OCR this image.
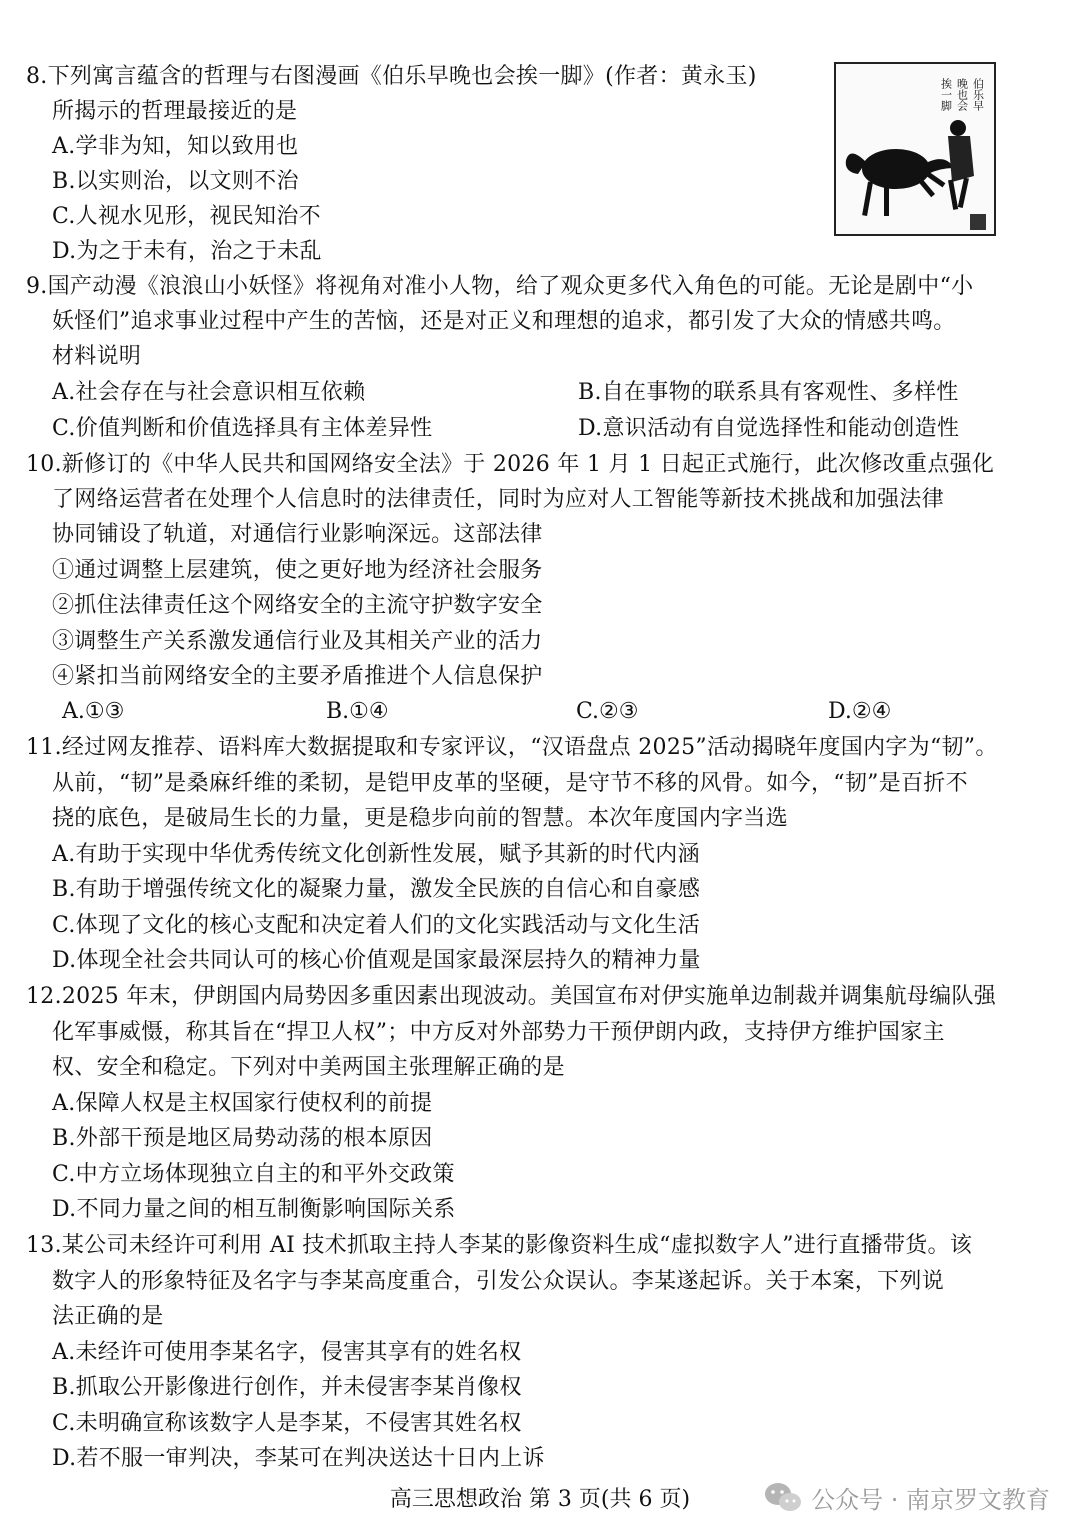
8.下列寓言蕴含的哲理与右图漫画《伯乐早晚也会挨一脚》(作者：黄永玉)
所揭示的哲理最接近的是
A.学非为知，知以致用也
B.以实则治，以文则不治
C.人视水见形，视民知治不
D.为之于未有，治之于未乱
伯乐早
晚也会
挨一脚
9.国产动漫《浪浪山小妖怪》将视角对准小人物，给了观众更多代入角色的可能。无论是剧中“小
妖怪们”追求事业过程中产生的苦恼，还是对正义和理想的追求，都引发了大众的情感共鸣。
材料说明
A.社会存在与社会意识相互依赖	B.自在事物的联系具有客观性、多样性
C.价值判断和价值选择具有主体差异性	D.意识活动有自觉选择性和能动创造性
10.新修订的《中华人民共和国网络安全法》于 2026 年 1 月 1 日起正式施行，此次修改重点强化
了网络运营者在处理个人信息时的法律责任，同时为应对人工智能等新技术挑战和加强法律
协同铺设了轨道，对通信行业影响深远。这部法律
①通过调整上层建筑，使之更好地为经济社会服务
②抓住法律责任这个网络安全的主流守护数字安全
③调整生产关系激发通信行业及其相关产业的活力
④紧扣当前网络安全的主要矛盾推进个人信息保护
A.①③	B.①④	C.②③	D.②④
11.经过网友推荐、语料库大数据提取和专家评议，“汉语盘点 2025”活动揭晓年度国内字为“韧”。
从前，“韧”是桑麻纤维的柔韧，是铠甲皮革的坚硬，是守节不移的风骨。如今，“韧”是百折不
挠的底色，是破局生长的力量，更是稳步向前的智慧。本次年度国内字当选
A.有助于实现中华优秀传统文化创新性发展，赋予其新的时代内涵
B.有助于增强传统文化的凝聚力量，激发全民族的自信心和自豪感
C.体现了文化的核心支配和决定着人们的文化实践活动与文化生活
D.体现全社会共同认可的核心价值观是国家最深层持久的精神力量
12.2025 年末，伊朗国内局势因多重因素出现波动。美国宣布对伊实施单边制裁并调集航母编队强
化军事威慑，称其旨在“捍卫人权”；中方反对外部势力干预伊朗内政，支持伊方维护国家主
权、安全和稳定。下列对中美两国主张理解正确的是
A.保障人权是主权国家行使权利的前提
B.外部干预是地区局势动荡的根本原因
C.中方立场体现独立自主的和平外交政策
D.不同力量之间的相互制衡影响国际关系
13.某公司未经许可利用 AI 技术抓取主持人李某的影像资料生成“虚拟数字人”进行直播带货。该
数字人的形象特征及名字与李某高度重合，引发公众误认。李某遂起诉。关于本案，下列说
法正确的是
A.未经许可使用李某名字，侵害其享有的姓名权
B.抓取公开影像进行创作，并未侵害李某肖像权
C.未明确宣称该数字人是李某，不侵害其姓名权
D.若不服一审判决，李某可在判决送达十日内上诉
高三思想政治 第 3 页(共 6 页)	公众号 · 南京罗文教育
